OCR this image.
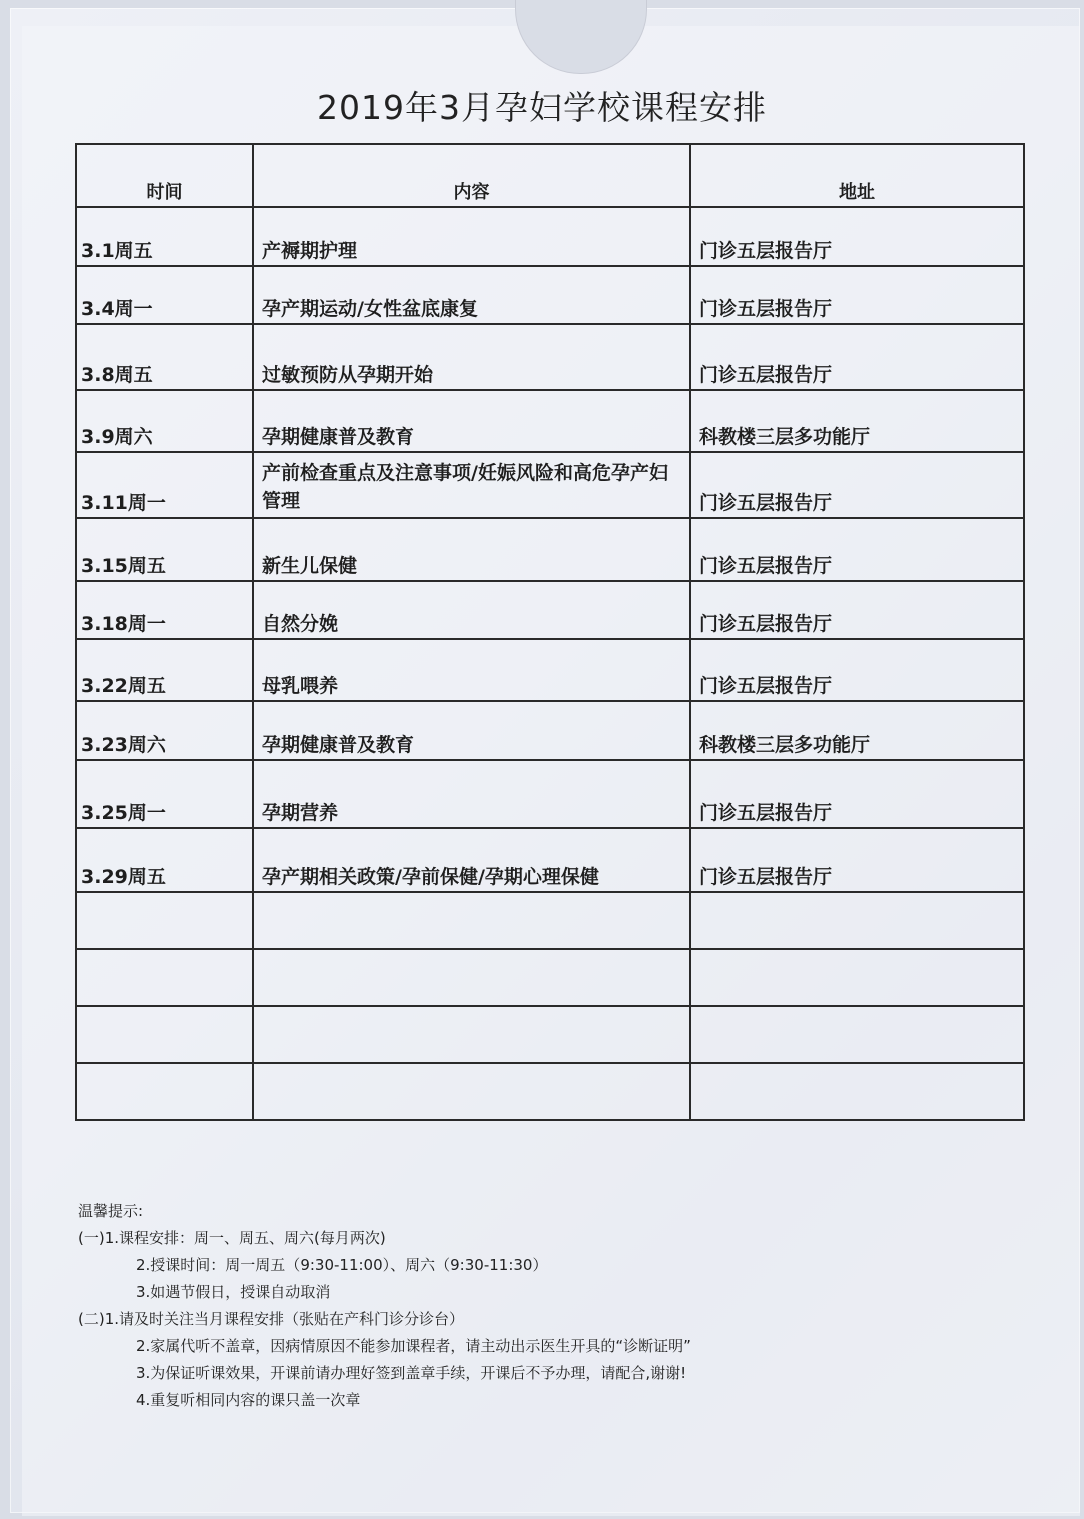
2019年3月孕妇学校课程安排
时间	内容	地址
3.1周五	产褥期护理	门诊五层报告厅
3.4周一	孕产期运动/女性盆底康复	门诊五层报告厅
3.8周五	过敏预防从孕期开始	门诊五层报告厅
3.9周六	孕期健康普及教育	科教楼三层多功能厅
3.11周一	产前检查重点及注意事项/妊娠风险和高危孕产妇管理	门诊五层报告厅
3.15周五	新生儿保健	门诊五层报告厅
3.18周一	自然分娩	门诊五层报告厅
3.22周五	母乳喂养	门诊五层报告厅
3.23周六	孕期健康普及教育	科教楼三层多功能厅
3.25周一	孕期营养	门诊五层报告厅
3.29周五	孕产期相关政策/孕前保健/孕期心理保健	门诊五层报告厅

温馨提示:
(一)1.课程安排：周一、周五、周六(每月两次)
2.授课时间：周一周五（9:30-11:00）、周六（9:30-11:30）
3.如遇节假日，授课自动取消
(二)1.请及时关注当月课程安排（张贴在产科门诊分诊台）
2.家属代听不盖章，因病情原因不能参加课程者，请主动出示医生开具的“诊断证明”
3.为保证听课效果，开课前请办理好签到盖章手续，开课后不予办理，请配合,谢谢!
4.重复听相同内容的课只盖一次章
